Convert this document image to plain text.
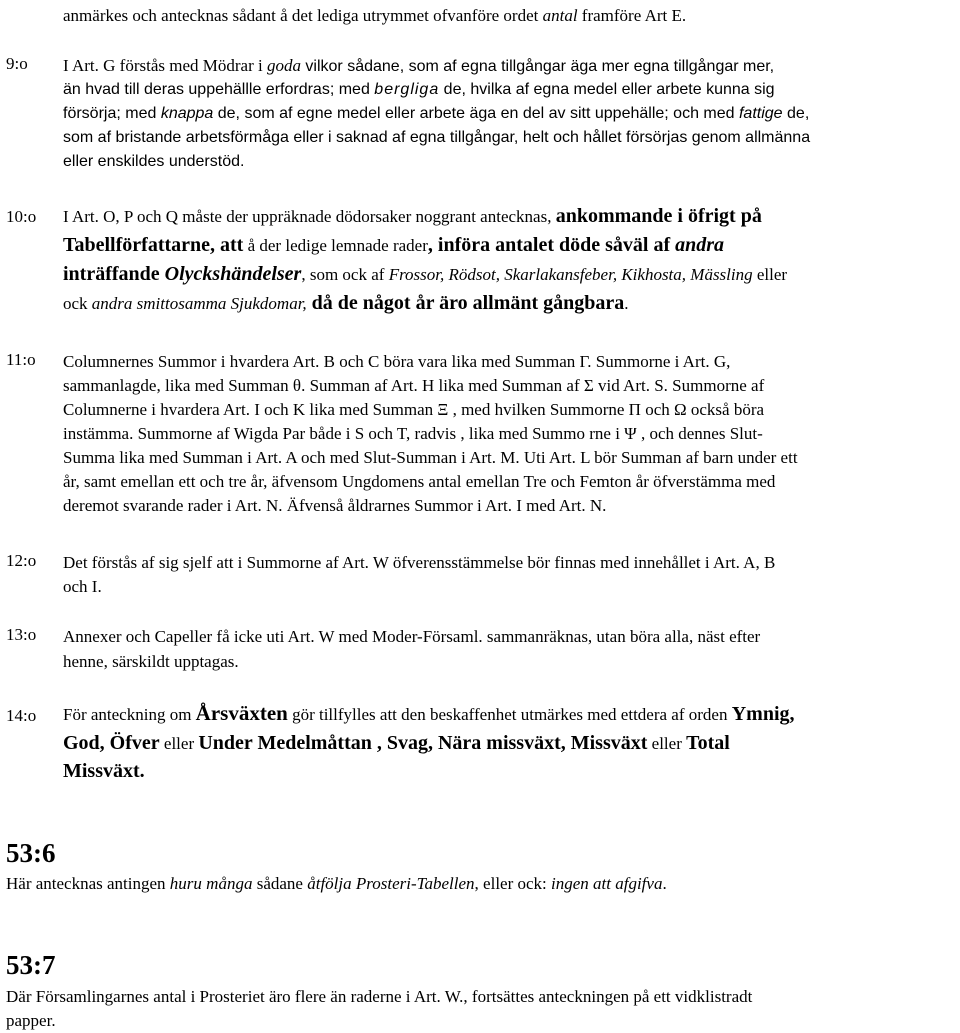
anmärkes och antecknas sådant å det lediga utrymmet ofvanföre ordet antal framföre Art E.
9:o I Art. G förstås med Mödrar i goda vilkor sådane, som af egna tillgångar äga mer egna tillgångar mer,
än hvad till deras uppehällle erfordras; med bergliga de, hvilka af egna medel eller arbete kunna sig
försörja; med knappa de, som af egne medel eller arbete äga en del av sitt uppehälle; och med fattige de,
som af bristande arbetsförmåga eller i saknad af egna tillgångar, helt och hållet försörjas genom allmänna
eller enskildes understöd.
10:o I Art. O, P och Q måste der uppräknade dödorsaker noggrant antecknas, ankommande i öfrigt på
Tabellförfattarne, att å der ledige lemnade rader, införa antalet döde såväl af andra
inträffande Olyckshändelser, som ock af Frossor, Rödsot, Skarlakansfeber, Kikhosta, Mässling eller
ock andra smittosamma Sjukdomar, då de något år äro allmänt gångbara.
11:o Columnernes Summor i hvardera Art. B och C böra vara lika med Summan Γ. Summorne i Art. G,
sammanlagde, lika med Summan θ. Summan af Art. H lika med Summan af Σ vid Art. S. Summorne af
Columnerne i hvardera Art. I och K lika med Summan Ξ , med hvilken Summorne Π och Ω också böra
instämma. Summorne af Wigda Par både i S och T, radvis , lika med Summo rne i Ψ , och dennes Slut-
Summa lika med Summan i Art. A och med Slut-Summan i Art. M. Uti Art. L bör Summan af barn under ett
år, samt emellan ett och tre år, äfvensom Ungdomens antal emellan Tre och Femton år öfverstämma med
deremot svarande rader i Art. N. Äfvenså åldrarnes Summor i Art. I med Art. N.
12:o Det förstås af sig sjelf att i Summorne af Art. W öfverensstämmelse bör finnas med innehållet i Art. A, B
och I.
13:o Annexer och Capeller få icke uti Art. W med Moder-Församl. sammanräknas, utan böra alla, näst efter
henne, särskildt upptagas.
14:o För anteckning om Årsväxten gör tillfylles att den beskaffenhet utmärkes med ettdera af orden Ymnig,
God, Öfver eller Under Medelmåttan , Svag, Nära missväxt, Missväxt eller Total
Missväxt.
53:6
Här antecknas antingen huru många sådane åtfölja Prosteri-Tabellen, eller ock: ingen att afgifva.
53:7
Där Församlingarnes antal i Prosteriet äro flere än raderne i Art. W., fortsättes anteckningen på ett vidklistradt
papper.
